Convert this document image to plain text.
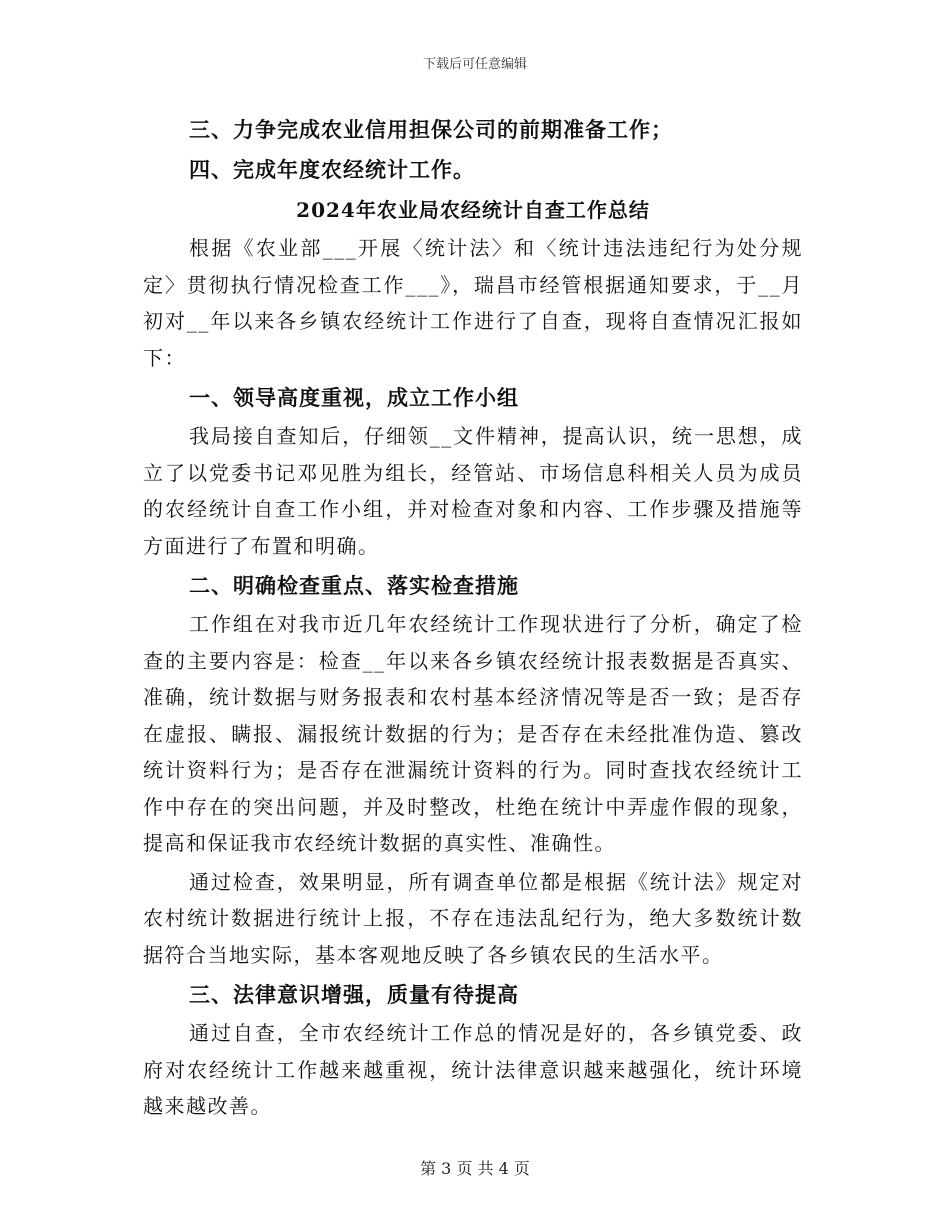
下载后可任意编辑
三、力争完成农业信用担保公司的前期准备工作；
四、完成年度农经统计工作。
2024年农业局农经统计自查工作总结
根据《农业部___开展〈统计法〉和〈统计违法违纪行为处分规定〉贯彻执行情况检查工作___》，瑞昌市经管根据通知要求，于__月初对__年以来各乡镇农经统计工作进行了自查，现将自查情况汇报如下：
一、领导高度重视，成立工作小组
我局接自查知后，仔细领__文件精神，提高认识，统一思想，成立了以党委书记邓见胜为组长，经管站、市场信息科相关人员为成员的农经统计自查工作小组，并对检查对象和内容、工作步骤及措施等方面进行了布置和明确。
二、明确检查重点、落实检查措施
工作组在对我市近几年农经统计工作现状进行了分析，确定了检查的主要内容是：检查__年以来各乡镇农经统计报表数据是否真实、准确，统计数据与财务报表和农村基本经济情况等是否一致；是否存在虚报、瞒报、漏报统计数据的行为；是否存在未经批准伪造、篡改统计资料行为；是否存在泄漏统计资料的行为。同时查找农经统计工作中存在的突出问题，并及时整改，杜绝在统计中弄虚作假的现象，提高和保证我市农经统计数据的真实性、准确性。
通过检查，效果明显，所有调查单位都是根据《统计法》规定对农村统计数据进行统计上报，不存在违法乱纪行为，绝大多数统计数据符合当地实际，基本客观地反映了各乡镇农民的生活水平。
三、法律意识增强，质量有待提高
通过自查，全市农经统计工作总的情况是好的，各乡镇党委、政府对农经统计工作越来越重视，统计法律意识越来越强化，统计环境越来越改善。
第 3 页 共 4 页
